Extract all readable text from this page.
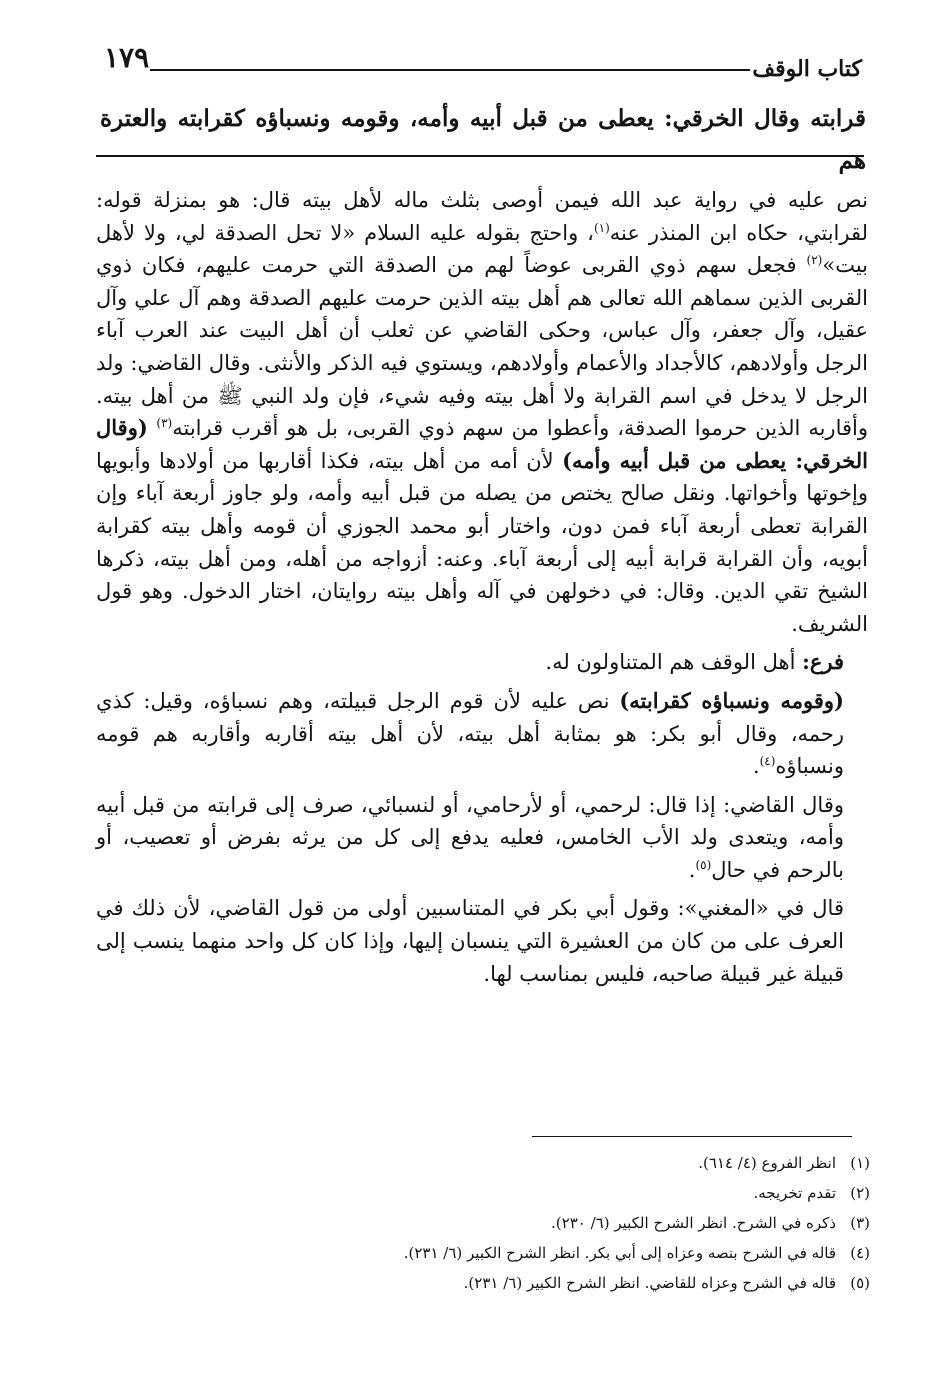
كتاب الوقف
١٧٩
قرابته وقال الخرقي: يعطى من قبل أبيه وأمه، وقومه ونسباؤه كقرابته والعترة هم

نص عليه في رواية عبد الله فيمن أوصى بثلث ماله لأهل بيته قال: هو بمنزلة قوله: لقرابتي، حكاه ابن المنذر عنه$^{(١)}$، واحتج بقوله عليه السلام «لا تحل الصدقة لي، ولا لأهل بيت»$^{(٢)}$ فجعل سهم ذوي القربى عوضاً لهم من الصدقة التي حرمت عليهم، فكان ذوي القربى الذين سماهم الله تعالى هم أهل بيته الذين حرمت عليهم الصدقة وهم آل علي وآل عقيل، وآل جعفر، وآل عباس، وحكى القاضي عن ثعلب أن أهل البيت عند العرب آباء الرجل وأولادهم، كالأجداد والأعمام وأولادهم، ويستوي فيه الذكر والأنثى. وقال القاضي: ولد الرجل لا يدخل في اسم القرابة ولا أهل بيته وفيه شيء، فإن ولد النبي ﷺ من أهل بيته. وأقاربه الذين حرموا الصدقة، وأعطوا من سهم ذوي القربى، بل هو أقرب قرابته$^{(٣)}$ (وقال الخرقي: يعطى من قبل أبيه وأمه) لأن أمه من أهل بيته، فكذا أقاربها من أولادها وأبويها وإخوتها وأخواتها. ونقل صالح يختص من يصله من قبل أبيه وأمه، ولو جاوز أربعة آباء وإن القرابة تعطى أربعة آباء فمن دون، واختار أبو محمد الجوزي أن قومه وأهل بيته كقرابة أبويه، وأن القرابة قرابة أبيه إلى أربعة آباء. وعنه: أزواجه من أهله، ومن أهل بيته، ذكرها الشيخ تقي الدين. وقال: في دخولهن في آله وأهل بيته روايتان، اختار الدخول. وهو قول الشريف.

فرع: أهل الوقف هم المتناولون له.

(وقومه ونسباؤه كقرابته) نص عليه لأن قوم الرجل قبيلته، وهم نسباؤه، وقيل: كذي رحمه، وقال أبو بكر: هو بمثابة أهل بيته، لأن أهل بيته أقاربه وأقاربه هم قومه ونسباؤه$^{(٤)}$.

وقال القاضي: إذا قال: لرحمي، أو لأرحامي، أو لنسبائي، صرف إلى قرابته من قبل أبيه وأمه، ويتعدى ولد الأب الخامس، فعليه يدفع إلى كل من يرثه بفرض أو تعصيب، أو بالرحم في حال$^{(٥)}$.

قال في «المغني»: وقول أبي بكر في المتناسبين أولى من قول القاضي، لأن ذلك في العرف على من كان من العشيرة التي ينسبان إليها، وإذا كان كل واحد منهما ينسب إلى قبيلة غير قبيلة صاحبه، فليس بمناسب لها.

(١)انظر الفروع (٤/ ٦١٤).
(٢)تقدم تخريجه.
(٣)ذكره في الشرح. انظر الشرح الكبير (٦/ ٢٣٠).
(٤)قاله في الشرح بنصه وعزاه إلى أبي بكر. انظر الشرح الكبير (٦/ ٢٣١).
(٥)قاله في الشرح وعزاه للقاضي. انظر الشرح الكبير (٦/ ٢٣١).
